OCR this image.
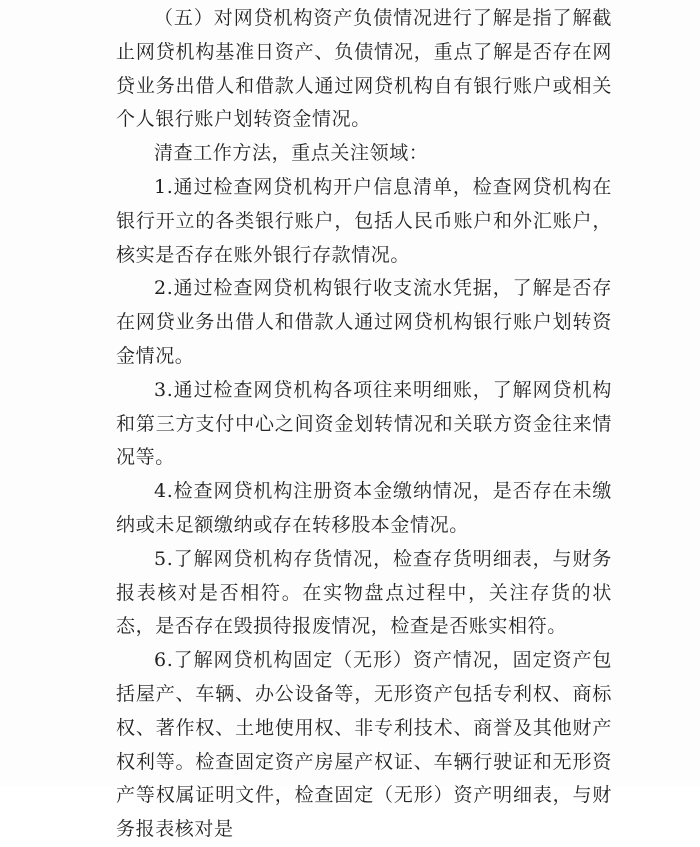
（五）对网贷机构资产负债情况进行了解是指了解截止网贷机构基准日资产、负债情况，重点了解是否存在网贷业务出借人和借款人通过网贷机构自有银行账户或相关个人银行账户划转资金情况。

清查工作方法，重点关注领域：

1.通过检查网贷机构开户信息清单，检查网贷机构在银行开立的各类银行账户，包括人民币账户和外汇账户，核实是否存在账外银行存款情况。

2.通过检查网贷机构银行收支流水凭据，了解是否存在网贷业务出借人和借款人通过网贷机构银行账户划转资金情况。

3.通过检查网贷机构各项往来明细账，了解网贷机构和第三方支付中心之间资金划转情况和关联方资金往来情况等。

4.检查网贷机构注册资本金缴纳情况，是否存在未缴纳或未足额缴纳或存在转移股本金情况。

5.了解网贷机构存货情况，检查存货明细表，与财务报表核对是否相符。在实物盘点过程中，关注存货的状态，是否存在毁损待报废情况，检查是否账实相符。

6.了解网贷机构固定（无形）资产情况，固定资产包括屋产、车辆、办公设备等，无形资产包括专利权、商标权、著作权、土地使用权、非专利技术、商誉及其他财产权利等。检查固定资产房屋产权证、车辆行驶证和无形资产等权属证明文件，检查固定（无形）资产明细表，与财务报表核对是
